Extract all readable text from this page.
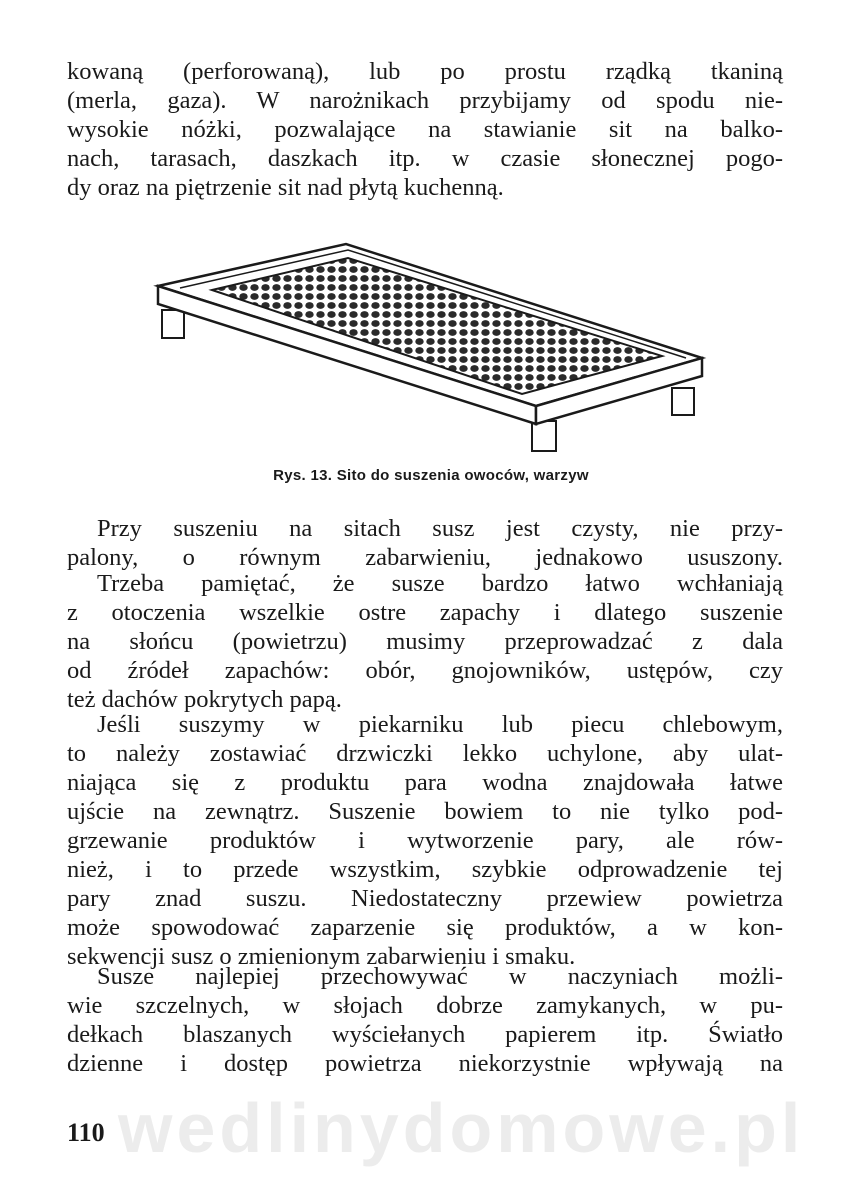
kowaną (perforowaną), lub po prostu rządką tkaniną
(merla, gaza). W narożnikach przybijamy od spodu nie-
wysokie nóżki, pozwalające na stawianie sit na balko-
nach, tarasach, daszkach itp. w czasie słonecznej pogo-
dy oraz na piętrzenie sit nad płytą kuchenną.
Rys. 13. Sito do suszenia owoców, warzyw
Przy suszeniu na sitach susz jest czysty, nie przy-
palony, o równym zabarwieniu, jednakowo ususzony.
Trzeba pamiętać, że susze bardzo łatwo wchłaniają
z otoczenia wszelkie ostre zapachy i dlatego suszenie
na słońcu (powietrzu) musimy przeprowadzać z dala
od źródeł zapachów: obór, gnojowników, ustępów, czy
też dachów pokrytych papą.
Jeśli suszymy w piekarniku lub piecu chlebowym,
to należy zostawiać drzwiczki lekko uchylone, aby ulat-
niająca się z produktu para wodna znajdowała łatwe
ujście na zewnątrz. Suszenie bowiem to nie tylko pod-
grzewanie produktów i wytworzenie pary, ale rów-
nież, i to przede wszystkim, szybkie odprowadzenie tej
pary znad suszu. Niedostateczny przewiew powietrza
może spowodować zaparzenie się produktów, a w kon-
sekwencji susz o zmienionym zabarwieniu i smaku.
Susze najlepiej przechowywać w naczyniach możli-
wie szczelnych, w słojach dobrze zamykanych, w pu-
dełkach blaszanych wyściełanych papierem itp. Światło
dzienne i dostęp powietrza niekorzystnie wpływają na
wedlinydomowe.pl
110
